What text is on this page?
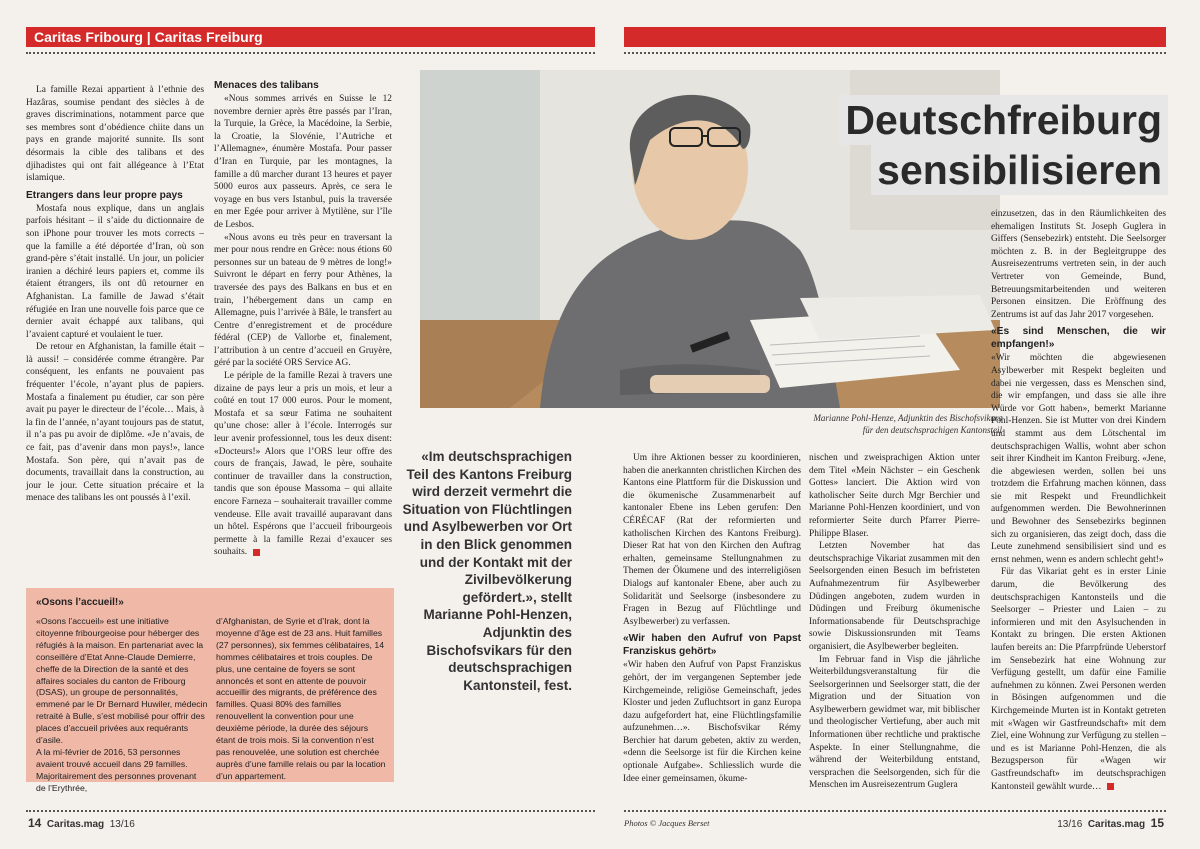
Caritas Fribourg | Caritas Freiburg

La famille Rezai appartient à l’ethnie des Hazâras, soumise pendant des siècles à de graves discriminations, notamment parce que ses membres sont d’obédience chiite dans un pays en grande majorité sunnite. Ils sont désormais la cible des talibans et des djihadistes qui ont fait allégeance à l’Etat islamique.

Etrangers dans leur propre pays

Mostafa nous explique, dans un anglais parfois hésitant – il s’aide du dictionnaire de son iPhone pour trouver les mots corrects – que la famille a été déportée d’Iran, où son grand-père s’était installé. Un jour, un policier iranien a déchiré leurs papiers et, comme ils étaient étrangers, ils ont dû retourner en Afghanistan. La famille de Jawad s’était réfugiée en Iran une nouvelle fois parce que ce dernier avait échappé aux talibans, qui l’avaient capturé et voulaient le tuer.

De retour en Afghanistan, la famille était – là aussi! – considérée comme étrangère. Par conséquent, les enfants ne pouvaient pas fréquenter l’école, n’ayant plus de papiers. Mostafa a finalement pu étudier, car son père avait pu payer le directeur de l’école… Mais, à la fin de l’année, n’ayant toujours pas de statut, il n’a pas pu avoir de diplôme. «Je n’avais, de ce fait, pas d’avenir dans mon pays!», lance Mostafa. Son père, qui n’avait pas de documents, travaillait dans la construction, au jour le jour. Cette situation précaire et la menace des talibans les ont poussés à l’exil.

Menaces des talibans

«Nous sommes arrivés en Suisse le 12 novembre dernier après être passés par l’Iran, la Turquie, la Grèce, la Macédoine, la Serbie, la Croatie, la Slovénie, l’Autriche et l’Allemagne», énumère Mostafa. Pour passer d’Iran en Turquie, par les montagnes, la famille a dû marcher durant 13 heures et payer 5000 euros aux passeurs. Après, ce sera le voyage en bus vers Istanbul, puis la traversée en mer Egée pour arriver à Mytilène, sur l’île de Lesbos.

«Nous avons eu très peur en traversant la mer pour nous rendre en Grèce: nous étions 60 personnes sur un bateau de 9 mètres de long!» Suivront le départ en ferry pour Athènes, la traversée des pays des Balkans en bus et en train, l’hébergement dans un camp en Allemagne, puis l’arrivée à Bâle, le transfert au Centre d’enregistrement et de procédure fédéral (CEP) de Vallorbe et, finalement, l’attribution à un centre d’accueil en Gruyère, géré par la société ORS Service AG.

Le périple de la famille Rezai à travers une dizaine de pays leur a pris un mois, et leur a coûté en tout 17 000 euros. Pour le moment, Mostafa et sa sœur Fatima ne souhaitent qu’une chose: aller à l’école. Interrogés sur leur avenir professionnel, tous les deux disent: «Docteurs!» Alors que l’ORS leur offre des cours de français, Jawad, le père, souhaite continuer de travailler dans la construction, tandis que son épouse Massoma – qui allaite encore Farneza – souhaiterait travailler comme vendeuse. Elle avait travaillé auparavant dans un hôtel. Espérons que l’accueil fribourgeois permette à la famille Rezai d’exaucer ses souhaits.

«Osons l’accueil!»
«Osons l’accueil» est une initiative citoyenne fribourgeoise pour héberger des réfugiés à la maison. En partenariat avec la conseillère d’Etat Anne-Claude Demierre, cheffe de la Direction de la santé et des affaires sociales du canton de Fribourg (DSAS), un groupe de personnalités, emmené par le Dr Bernard Huwiler, médecin retraité à Bulle, s’est mobilisé pour offrir des places d’accueil privées aux requérants d’asile.
A la mi-février de 2016, 53 personnes avaient trouvé accueil dans 29 familles. Majoritairement des personnes provenant de l’Erythrée,
d’Afghanistan, de Syrie et d’Irak, dont la moyenne d’âge est de 23 ans. Huit familles (27 personnes), six femmes célibataires, 14 hommes célibataires et trois couples. De plus, une centaine de foyers se sont annoncés et sont en attente de pouvoir accueillir des migrants, de préférence des familles. Quasi 80% des familles renouvellent la convention pour une deuxième période, la durée des séjours étant de trois mois. Si la convention n’est pas renouvelée, une solution est cherchée auprès d’une famille relais ou par la location d’un appartement.
«Im deutschsprachigen Teil des Kantons Freiburg wird derzeit vermehrt die Situation von Flüchtlingen und Asylbewerben vor Ort in den Blick genommen und der Kontakt mit der Zivilbevölkerung gefördert.», stellt Marianne Pohl-Henzen, Adjunktin des Bischofsvikars für den deutschsprachigen Kantonsteil, fest.
Deutschfreiburg
sensibilisieren
Marianne Pohl-Henze, Adjunktin des Bischofsvikars
für den deutschsprachigen Kantonsteil

Um ihre Aktionen besser zu koordinieren, haben die anerkannten christlichen Kirchen des Kantons eine Plattform für die Diskussion und die ökumenische Zusammenarbeit auf kantonaler Ebene ins Leben gerufen: Den CÉRÉCAF (Rat der reformierten und katholischen Kirchen des Kantons Freiburg). Dieser Rat hat von den Kirchen den Auftrag erhalten, gemeinsame Stellungnahmen zu Themen der Ökumene und des interreligiösen Dialogs auf kantonaler Ebene, aber auch zu Solidarität und Seelsorge (insbesondere zu Fragen in Bezug auf Flüchtlinge und Asylbewerber) zu verfassen.

«Wir haben den Aufruf von Papst Franziskus gehört»

«Wir haben den Aufruf von Papst Franziskus gehört, der im vergangenen September jede Kirchgemeinde, religiöse Gemeinschaft, jedes Kloster und jeden Zufluchtsort in ganz Europa dazu aufgefordert hat, eine Flüchtlingsfamilie aufzunehmen…». Bischofsvikar Rémy Berchier hat darum gebeten, aktiv zu werden, «denn die Seelsorge ist für die Kirchen keine optionale Aufgabe». Schliesslich wurde die Idee einer gemeinsamen, ökume-

nischen und zweisprachigen Aktion unter dem Titel «Mein Nächster – ein Geschenk Gottes» lanciert. Die Aktion wird von katholischer Seite durch Mgr Berchier und Marianne Pohl-Henzen koordiniert, und von reformierter Seite durch Pfarrer Pierre-Philippe Blaser.

Letzten November hat das deutschsprachige Vikariat zusammen mit den Seelsorgenden einen Besuch im befristeten Aufnahmezentrum für Asylbewerber Düdingen angeboten, zudem wurden in Düdingen und Freiburg ökumenische Informationsabende für Deutschsprachige sowie Diskussionsrunden mit Teams organisiert, die Asylbewerber begleiten.

Im Februar fand in Visp die jährliche Weiterbildungsveranstaltung für die Seelsorgerinnen und Seelsorger statt, die der Migration und der Situation von Asylbewerbern gewidmet war, mit biblischer und theologischer Vertiefung, aber auch mit Informationen über rechtliche und praktische Aspekte. In einer Stellungnahme, die während der Weiterbildung entstand, versprachen die Seelsorgenden, sich für die Menschen im Ausreisezentrum Guglera

einzusetzen, das in den Räumlichkeiten des ehemaligen Instituts St. Joseph Guglera in Giffers (Sensebezirk) entsteht. Die Seelsorger möchten z. B. in der Begleitgruppe des Ausreisezentrums vertreten sein, in der auch Vertreter von Gemeinde, Bund, Betreuungsmitarbeitenden und weiteren Personen einsitzen. Die Eröffnung des Zentrums ist auf das Jahr 2017 vorgesehen.

«Es sind Menschen, die wir empfangen!»

«Wir möchten die abgewiesenen Asylbewerber mit Respekt begleiten und dabei nie vergessen, dass es Menschen sind, die wir empfangen, und dass sie alle ihre Würde vor Gott haben», bemerkt Marianne Pohl-Henzen. Sie ist Mutter von drei Kindern und stammt aus dem Lötschental im deutschsprachigen Wallis, wohnt aber schon seit ihrer Kindheit im Kanton Freiburg. «Jene, die abgewiesen werden, sollen bei uns trotzdem die Erfahrung machen können, dass sie mit Respekt und Freundlichkeit aufgenommen werden. Die Bewohnerinnen und Bewohner des Sensebezirks beginnen sich zu organisieren, das zeigt doch, dass die Leute zunehmend sensibilisiert sind und es ernst nehmen, wenn es andern schlecht geht!»

Für das Vikariat geht es in erster Linie darum, die Bevölkerung des deutschsprachigen Kantonsteils und die Seelsorger – Priester und Laien – zu informieren und mit den Asylsuchenden in Kontakt zu bringen. Die ersten Aktionen laufen bereits an: Die Pfarrpfründe Ueberstorf im Sensebezirk hat eine Wohnung zur Verfügung gestellt, um dafür eine Familie aufnehmen zu können. Zwei Personen werden in Bösingen aufgenommen und die Kirchgemeinde Murten ist in Kontakt getreten mit «Wagen wir Gastfreundschaft» mit dem Ziel, eine Wohnung zur Verfügung zu stellen – und es ist Marianne Pohl-Henzen, die als Bezugsperson für «Wagen wir Gastfreundschaft» im deutschsprachigen Kantonsteil gewählt wurde…

14 Caritas.mag 13/16	Photos © Jacques Berset	13/16 Caritas.mag 15
